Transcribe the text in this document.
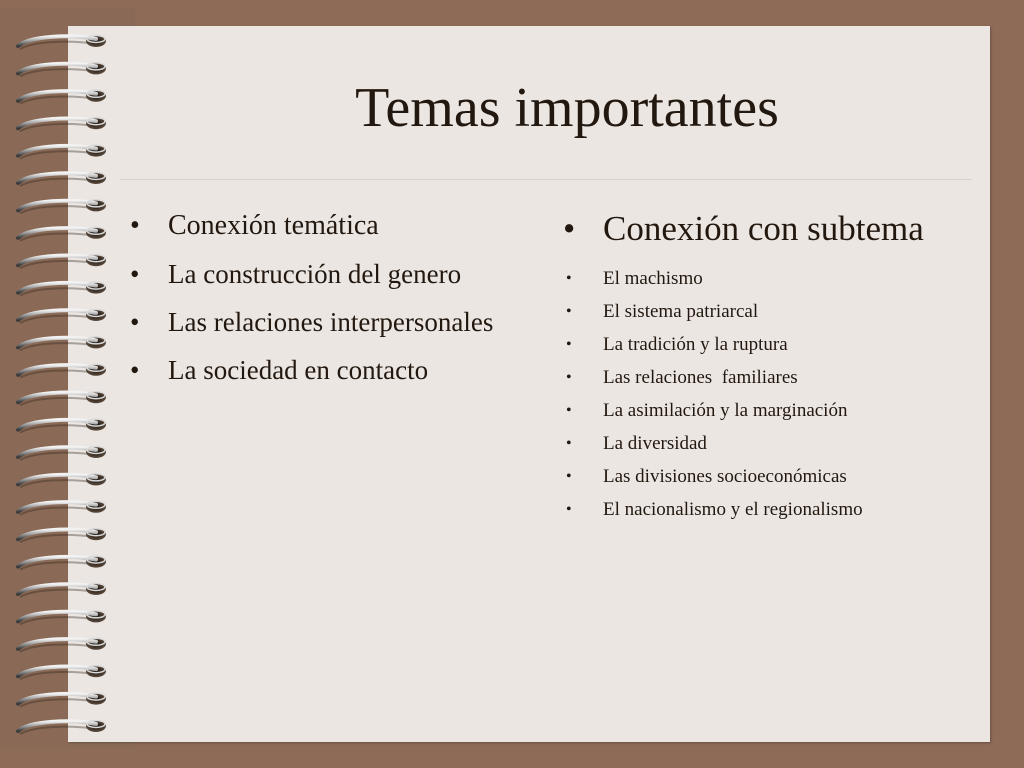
Temas importantes
• Conexión temática
• La construcción del genero
• Las relaciones interpersonales
• La sociedad en contacto
• Conexión con subtema
• El machismo
• El sistema patriarcal
• La tradición y la ruptura
• Las relaciones  familiares
• La asimilación y la marginación
• La diversidad
• Las divisiones socioeconómicas
• El nacionalismo y el regionalismo
